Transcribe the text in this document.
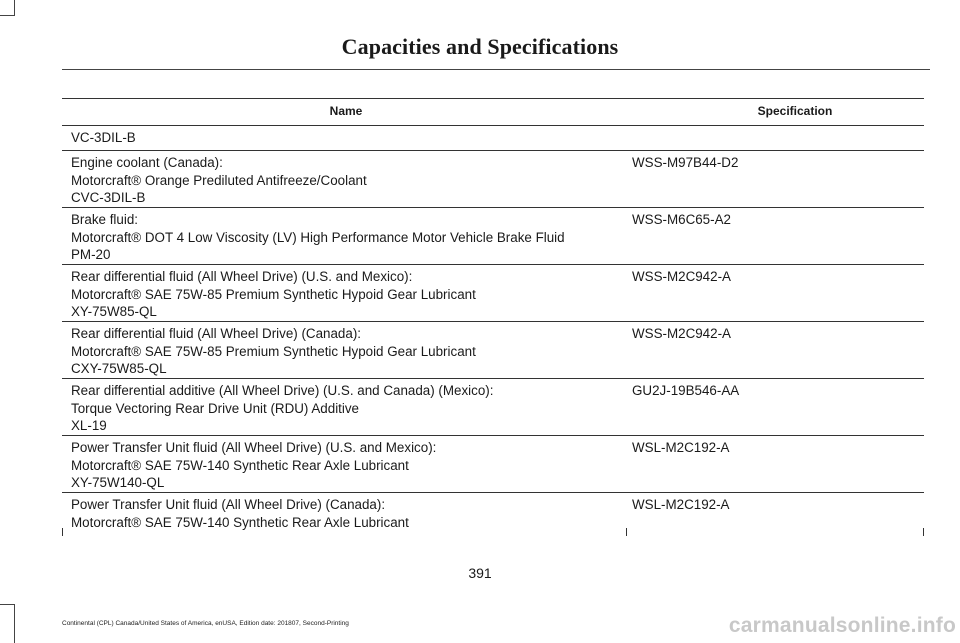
Capacities and Specifications
Name	Specification

VC-3DIL-B	

Engine coolant (Canada):
Motorcraft® Orange Prediluted Antifreeze/Coolant
CVC-3DIL-B	WSS-M97B44-D2

Brake fluid:
Motorcraft® DOT 4 Low Viscosity (LV) High Performance Motor Vehicle Brake Fluid
PM-20	WSS-M6C65-A2

Rear differential fluid (All Wheel Drive) (U.S. and Mexico):
Motorcraft® SAE 75W-85 Premium Synthetic Hypoid Gear Lubricant
XY-75W85-QL	WSS-M2C942-A

Rear differential fluid (All Wheel Drive) (Canada):
Motorcraft® SAE 75W-85 Premium Synthetic Hypoid Gear Lubricant
CXY-75W85-QL	WSS-M2C942-A

Rear differential additive (All Wheel Drive) (U.S. and Canada) (Mexico):
Torque Vectoring Rear Drive Unit (RDU) Additive
XL-19	GU2J-19B546-AA

Power Transfer Unit fluid (All Wheel Drive) (U.S. and Mexico):
Motorcraft® SAE 75W-140 Synthetic Rear Axle Lubricant
XY-75W140-QL	WSL-M2C192-A

Power Transfer Unit fluid (All Wheel Drive) (Canada):
Motorcraft® SAE 75W-140 Synthetic Rear Axle Lubricant	WSL-M2C192-A
391
Continental (CPL) Canada/United States of America, enUSA, Edition date: 201807, Second-Printing	carmanualsonline.info
